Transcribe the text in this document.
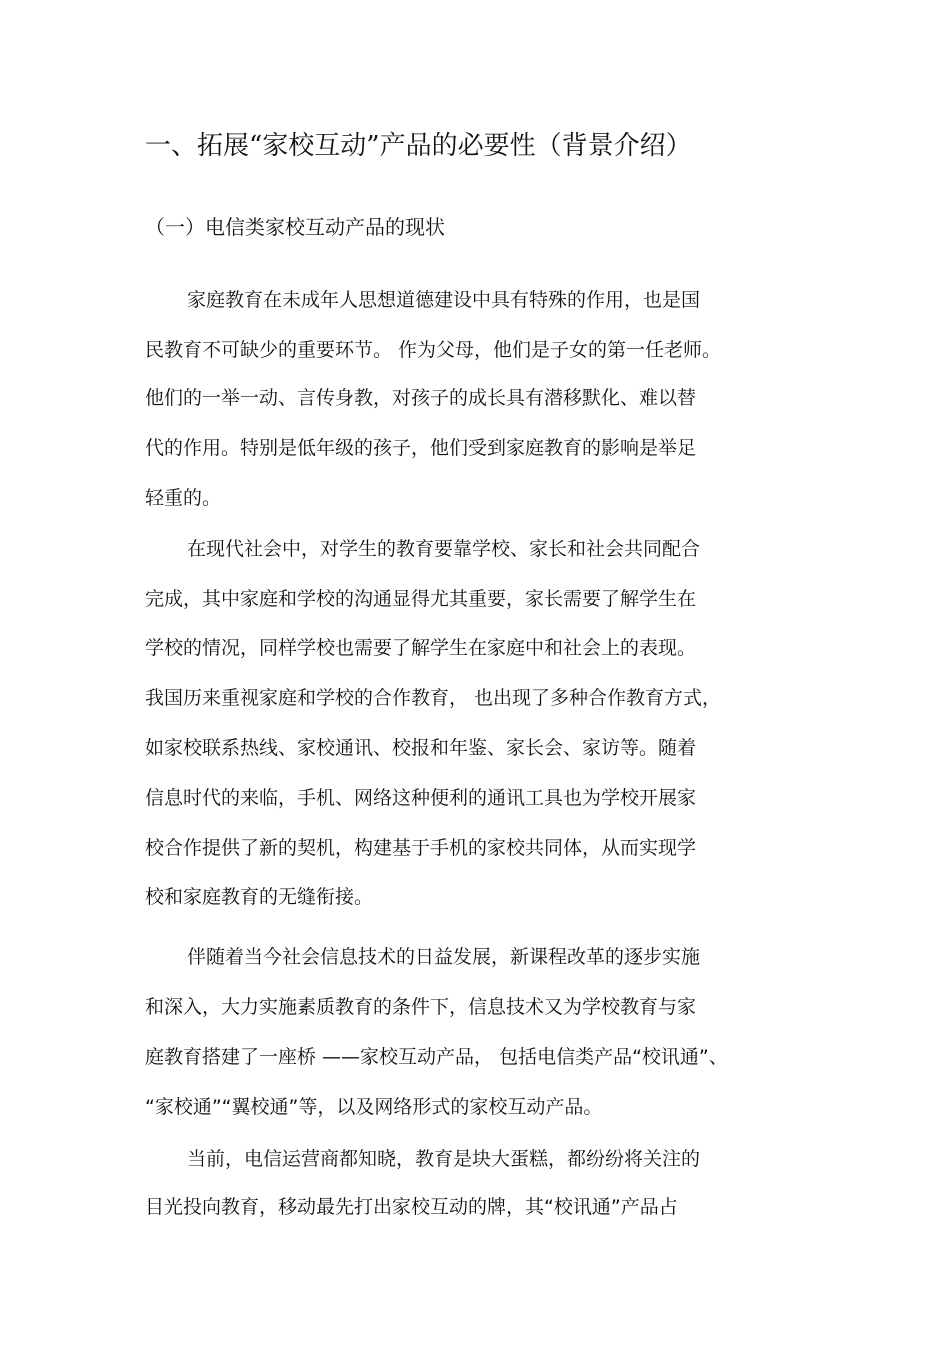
一、拓展“家校互动”产品的必要性（背景介绍）
（一）电信类家校互动产品的现状
家庭教育在未成年人思想道德建设中具有特殊的作用，也是国
民教育不可缺少的重要环节。 作为父母，他们是子女的第一任老师。
他们的一举一动、言传身教，对孩子的成长具有潜移默化、难以替
代的作用。特别是低年级的孩子，他们受到家庭教育的影响是举足
轻重的。
在现代社会中，对学生的教育要靠学校、家长和社会共同配合
完成，其中家庭和学校的沟通显得尤其重要，家长需要了解学生在
学校的情况，同样学校也需要了解学生在家庭中和社会上的表现。
我国历来重视家庭和学校的合作教育， 也出现了多种合作教育方式，
如家校联系热线、家校通讯、校报和年鉴、家长会、家访等。随着
信息时代的来临，手机、网络这种便利的通讯工具也为学校开展家
校合作提供了新的契机，构建基于手机的家校共同体，从而实现学
校和家庭教育的无缝衔接。
伴随着当今社会信息技术的日益发展，新课程改革的逐步实施
和深入，大力实施素质教育的条件下，信息技术又为学校教育与家
庭教育搭建了一座桥 ——家校互动产品， 包括电信类产品“校讯通”、
“家校通”“翼校通”等，以及网络形式的家校互动产品。
当前，电信运营商都知晓，教育是块大蛋糕，都纷纷将关注的
目光投向教育，移动最先打出家校互动的牌，其“校讯通”产品占
